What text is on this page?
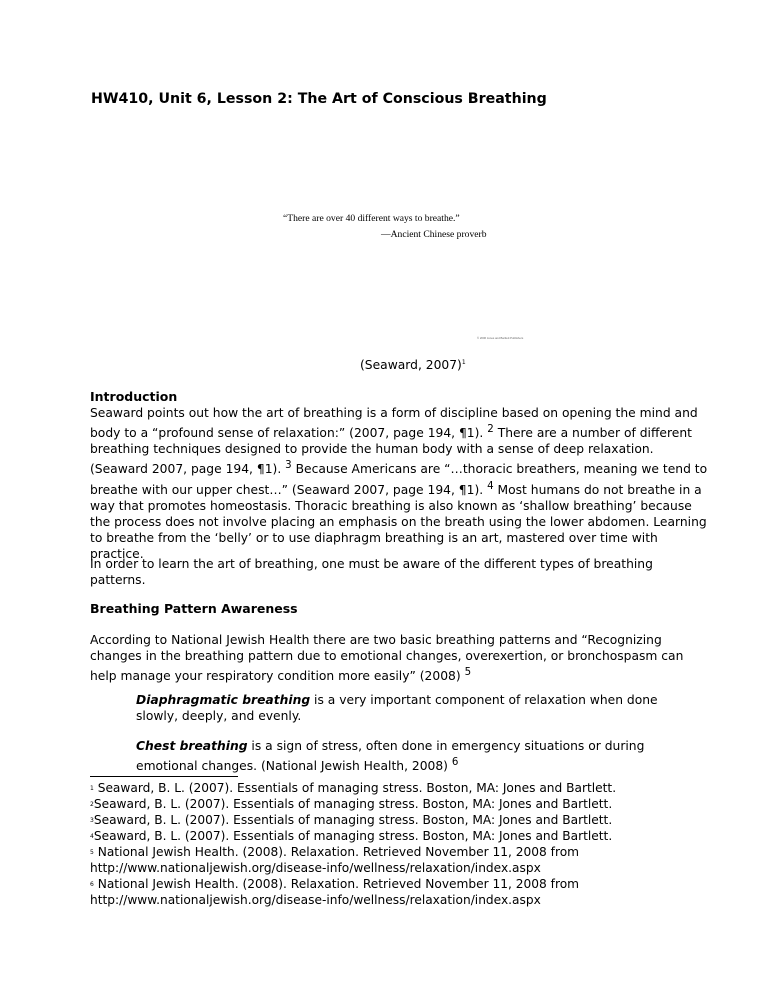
HW410, Unit 6, Lesson 2: The Art of Conscious Breathing
“There are over 40 different ways to breathe.”
—Ancient Chinese proverb
© 2006 Jones and Bartlett Publishers
(Seaward, 2007)$^1$
Introduction
Seaward points out how the art of breathing is a form of discipline based on opening the mind and body to a “profound sense of relaxation:” (2007, page 194, ¶1). $^2$ There are a number of different breathing techniques designed to provide the human body with a sense of deep relaxation. (Seaward 2007, page 194, ¶1). $^3$ Because Americans are “…thoracic breathers, meaning we tend to breathe with our upper chest…” (Seaward 2007, page 194, ¶1). $^4$ Most humans do not breathe in a way that promotes homeostasis. Thoracic breathing is also known as ‘shallow breathing’ because the process does not involve placing an emphasis on the breath using the lower abdomen. Learning to breathe from the ‘belly’ or to use diaphragm breathing is an art, mastered over time with practice.
In order to learn the art of breathing, one must be aware of the different types of breathing patterns.
Breathing Pattern Awareness
According to National Jewish Health there are two basic breathing patterns and “Recognizing changes in the breathing pattern due to emotional changes, overexertion, or bronchospasm can help manage your respiratory condition more easily” (2008) $^5$
Diaphragmatic breathing is a very important component of relaxation when done slowly, deeply, and evenly.
Chest breathing is a sign of stress, often done in emergency situations or during emotional changes. (National Jewish Health, 2008) $^6$
$^1$ Seaward, B. L. (2007). Essentials of managing stress. Boston, MA: Jones and Bartlett.
$^2$Seaward, B. L. (2007). Essentials of managing stress. Boston, MA: Jones and Bartlett.
$^3$Seaward, B. L. (2007). Essentials of managing stress. Boston, MA: Jones and Bartlett.
$^4$Seaward, B. L. (2007). Essentials of managing stress. Boston, MA: Jones and Bartlett.
$^5$ National Jewish Health. (2008). Relaxation. Retrieved November 11, 2008 from
http://www.nationaljewish.org/disease-info/wellness/relaxation/index.aspx
$^6$ National Jewish Health. (2008). Relaxation. Retrieved November 11, 2008 from
http://www.nationaljewish.org/disease-info/wellness/relaxation/index.aspx
